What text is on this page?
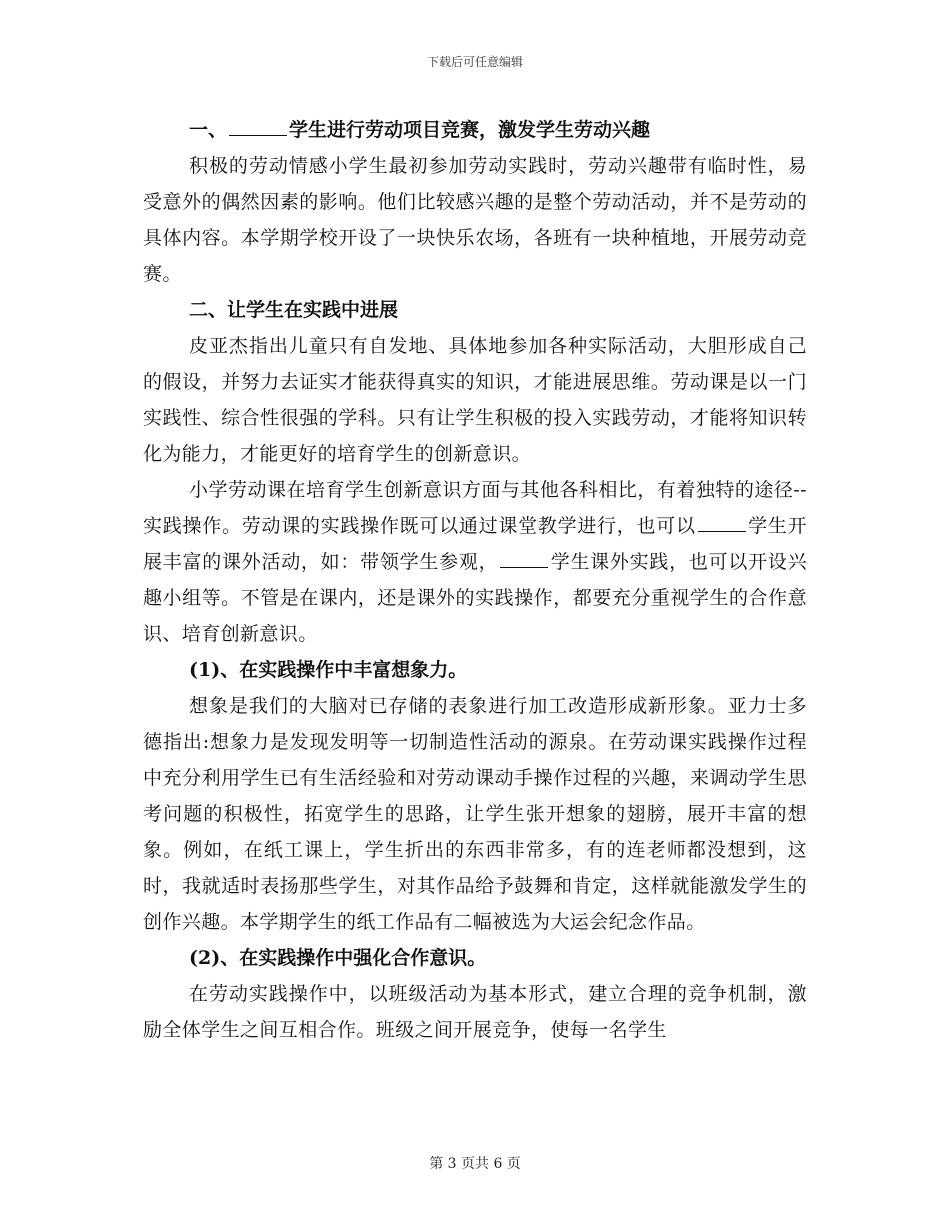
下载后可任意编辑
一、	学生进行劳动项目竞赛，激发学生劳动兴趣

积极的劳动情感小学生最初参加劳动实践时，劳动兴趣带有临时性，易受意外的偶然因素的影响。他们比较感兴趣的是整个劳动活动，并不是劳动的具体内容。本学期学校开设了一块快乐农场，各班有一块种植地，开展劳动竞赛。

二、让学生在实践中进展

皮亚杰指出儿童只有自发地、具体地参加各种实际活动，大胆形成自己的假设，并努力去证实才能获得真实的知识，才能进展思维。劳动课是以一门实践性、综合性很强的学科。只有让学生积极的投入实践劳动，才能将知识转化为能力，才能更好的培育学生的创新意识。

小学劳动课在培育学生创新意识方面与其他各科相比，有着独特的途径--实践操作。劳动课的实践操作既可以通过课堂教学进行，也可以	学生开展丰富的课外活动，如：带领学生参观，	学生课外实践，也可以开设兴趣小组等。不管是在课内，还是课外的实践操作，都要充分重视学生的合作意识、培育创新意识。

(1)、在实践操作中丰富想象力。

想象是我们的大脑对已存储的表象进行加工改造形成新形象。亚力士多德指出:想象力是发现发明等一切制造性活动的源泉。在劳动课实践操作过程中充分利用学生已有生活经验和对劳动课动手操作过程的兴趣，来调动学生思考问题的积极性，拓宽学生的思路，让学生张开想象的翅膀，展开丰富的想象。例如，在纸工课上，学生折出的东西非常多，有的连老师都没想到，这时，我就适时表扬那些学生，对其作品给予鼓舞和肯定，这样就能激发学生的创作兴趣。本学期学生的纸工作品有二幅被选为大运会纪念作品。

(2)、在实践操作中强化合作意识。

在劳动实践操作中，以班级活动为基本形式，建立合理的竞争机制，激励全体学生之间互相合作。班级之间开展竞争，使每一名学生

第 3 页共 6 页
